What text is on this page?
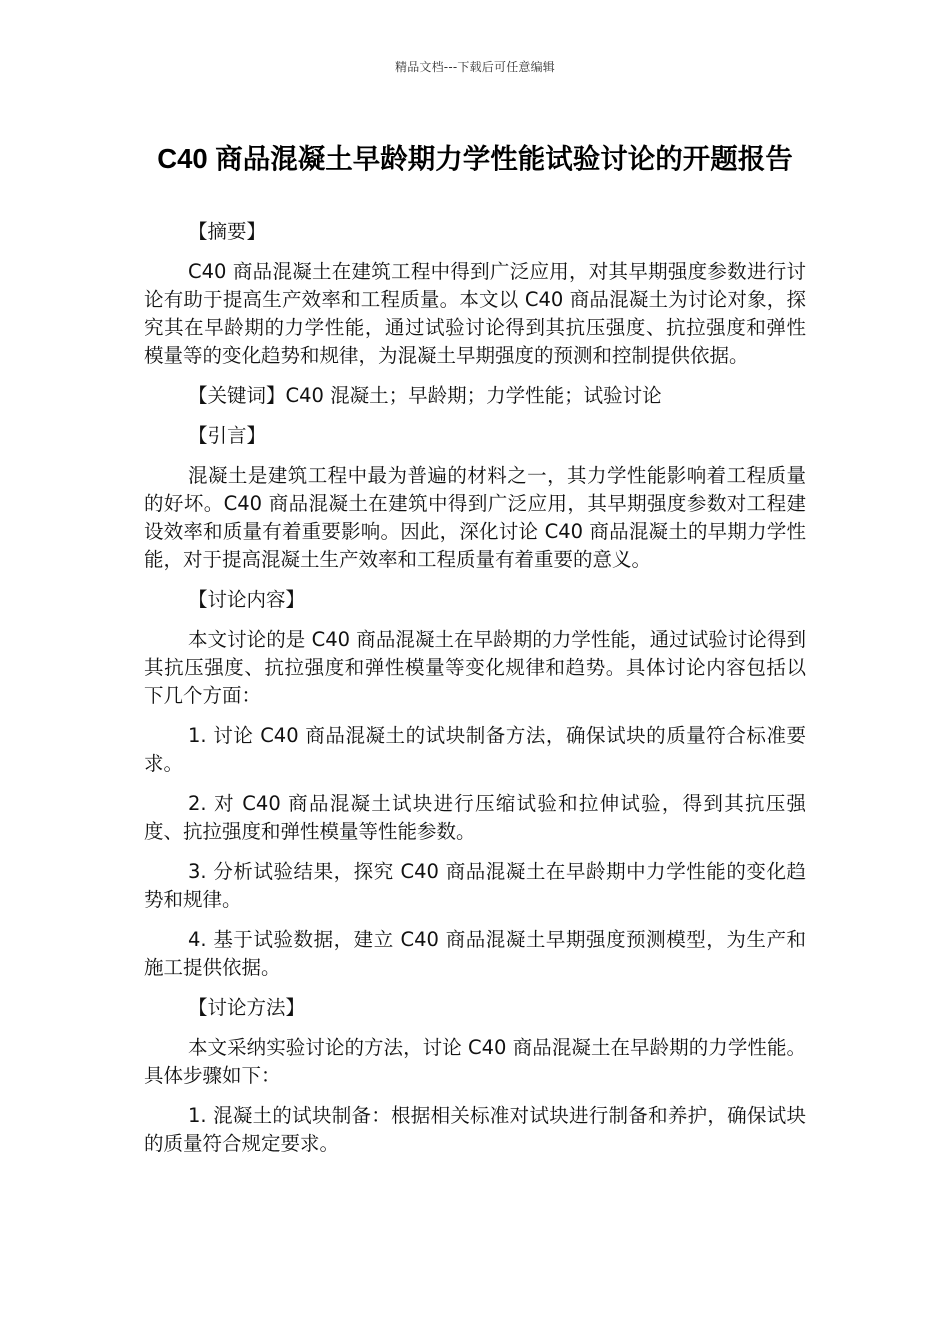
精品文档---下载后可任意编辑
C40 商品混凝土早龄期力学性能试验讨论的开题报告

【摘要】

C40 商品混凝土在建筑工程中得到广泛应用，对其早期强度参数进行讨论有助于提高生产效率和工程质量。本文以 C40 商品混凝土为讨论对象，探究其在早龄期的力学性能，通过试验讨论得到其抗压强度、抗拉强度和弹性模量等的变化趋势和规律，为混凝土早期强度的预测和控制提供依据。

【关键词】C40 混凝土；早龄期；力学性能；试验讨论

【引言】

混凝土是建筑工程中最为普遍的材料之一，其力学性能影响着工程质量的好坏。C40 商品混凝土在建筑中得到广泛应用，其早期强度参数对工程建设效率和质量有着重要影响。因此，深化讨论 C40 商品混凝土的早期力学性能，对于提高混凝土生产效率和工程质量有着重要的意义。

【讨论内容】

本文讨论的是 C40 商品混凝土在早龄期的力学性能，通过试验讨论得到其抗压强度、抗拉强度和弹性模量等变化规律和趋势。具体讨论内容包括以下几个方面：

1. 讨论 C40 商品混凝土的试块制备方法，确保试块的质量符合标准要求。

2. 对 C40 商品混凝土试块进行压缩试验和拉伸试验，得到其抗压强度、抗拉强度和弹性模量等性能参数。

3. 分析试验结果，探究 C40 商品混凝土在早龄期中力学性能的变化趋势和规律。

4. 基于试验数据，建立 C40 商品混凝土早期强度预测模型，为生产和施工提供依据。

【讨论方法】

本文采纳实验讨论的方法，讨论 C40 商品混凝土在早龄期的力学性能。具体步骤如下：

1. 混凝土的试块制备：根据相关标准对试块进行制备和养护，确保试块的质量符合规定要求。
